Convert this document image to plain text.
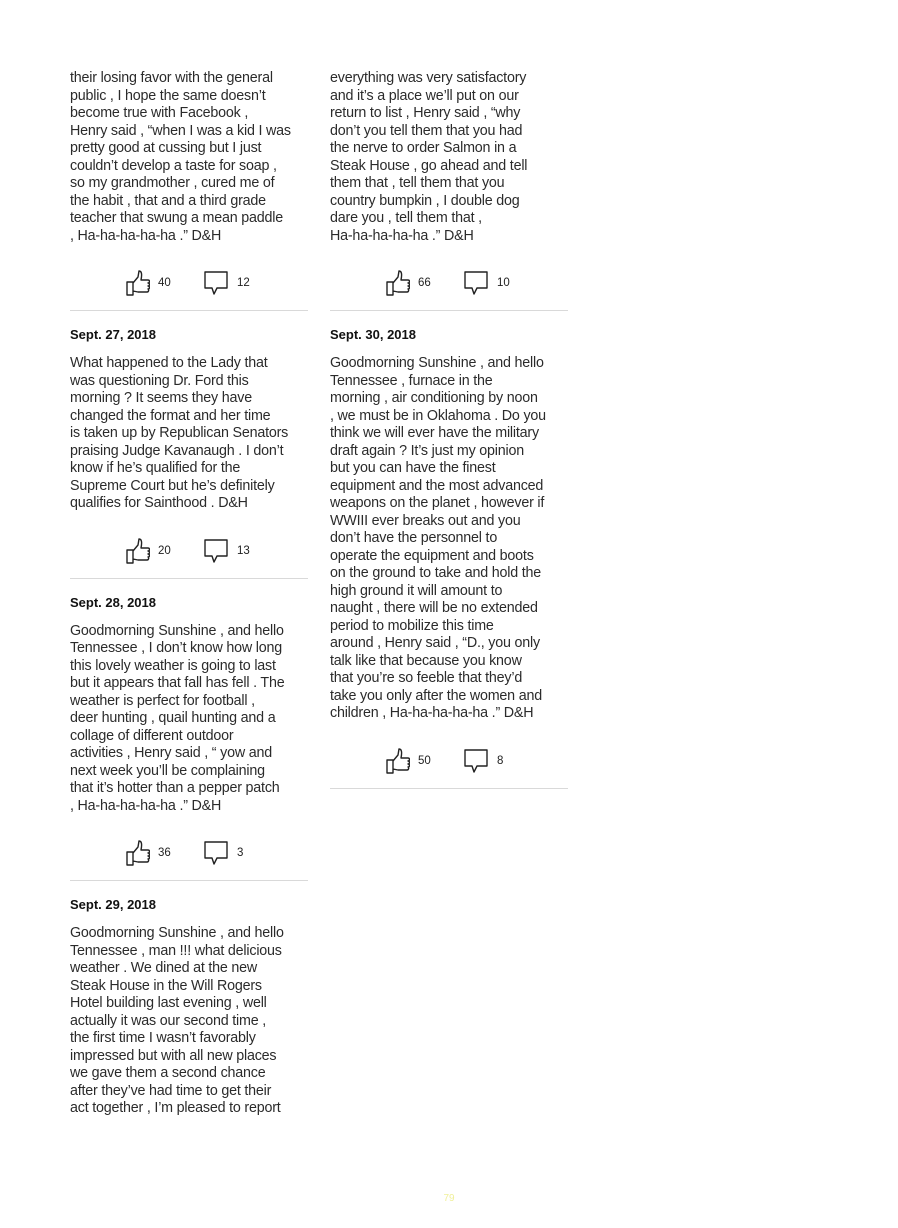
their losing favor with the general
public , I hope the same doesn’t
become true with Facebook ,
Henry said , “when I was a kid I was
pretty good at cussing but I just
couldn’t develop a taste for soap ,
so my grandmother , cured me of
the habit , that and a third grade
teacher that swung a mean paddle
, Ha-ha-ha-ha-ha .” D&H

40	12
Sept. 27, 2018

What happened to the Lady that
was questioning Dr. Ford this
morning ? It seems they have
changed the format and her time
is taken up by Republican Senators
praising Judge Kavanaugh . I don’t
know if he’s qualified for the
Supreme Court but he’s definitely
qualifies for Sainthood . D&H

20	13
Sept. 28, 2018

Goodmorning Sunshine , and hello
Tennessee , I don’t know how long
this lovely weather is going to last
but it appears that fall has fell . The
weather is perfect for football ,
deer hunting , quail hunting and a
collage of different outdoor
activities , Henry said , “ yow and
next week you’ll be complaining
that it’s hotter than a pepper patch
, Ha-ha-ha-ha-ha .” D&H

36	3
Sept. 29, 2018

Goodmorning Sunshine , and hello
Tennessee , man !!! what delicious
weather . We dined at the new
Steak House in the Will Rogers
Hotel building last evening , well
actually it was our second time ,
the first time I wasn’t favorably
impressed but with all new places
we gave them a second chance
after they’ve had time to get their
act together , I’m pleased to report

everything was very satisfactory
and it’s a place we’ll put on our
return to list , Henry said , “why
don’t you tell them that you had
the nerve to order Salmon in a
Steak House , go ahead and tell
them that , tell them that you
country bumpkin , I double dog
dare you , tell them that ,
Ha-ha-ha-ha-ha .” D&H

66	10
Sept. 30, 2018

Goodmorning Sunshine , and hello
Tennessee , furnace in the
morning , air conditioning by noon
, we must be in Oklahoma . Do you
think we will ever have the military
draft again ? It’s just my opinion
but you can have the finest
equipment and the most advanced
weapons on the planet , however if
WWIII ever breaks out and you
don’t have the personnel to
operate the equipment and boots
on the ground to take and hold the
high ground it will amount to
naught , there will be no extended
period to mobilize this time
around , Henry said , “D., you only
talk like that because you know
that you’re so feeble that they’d
take you only after the women and
children , Ha-ha-ha-ha-ha .” D&H

50	8
79
